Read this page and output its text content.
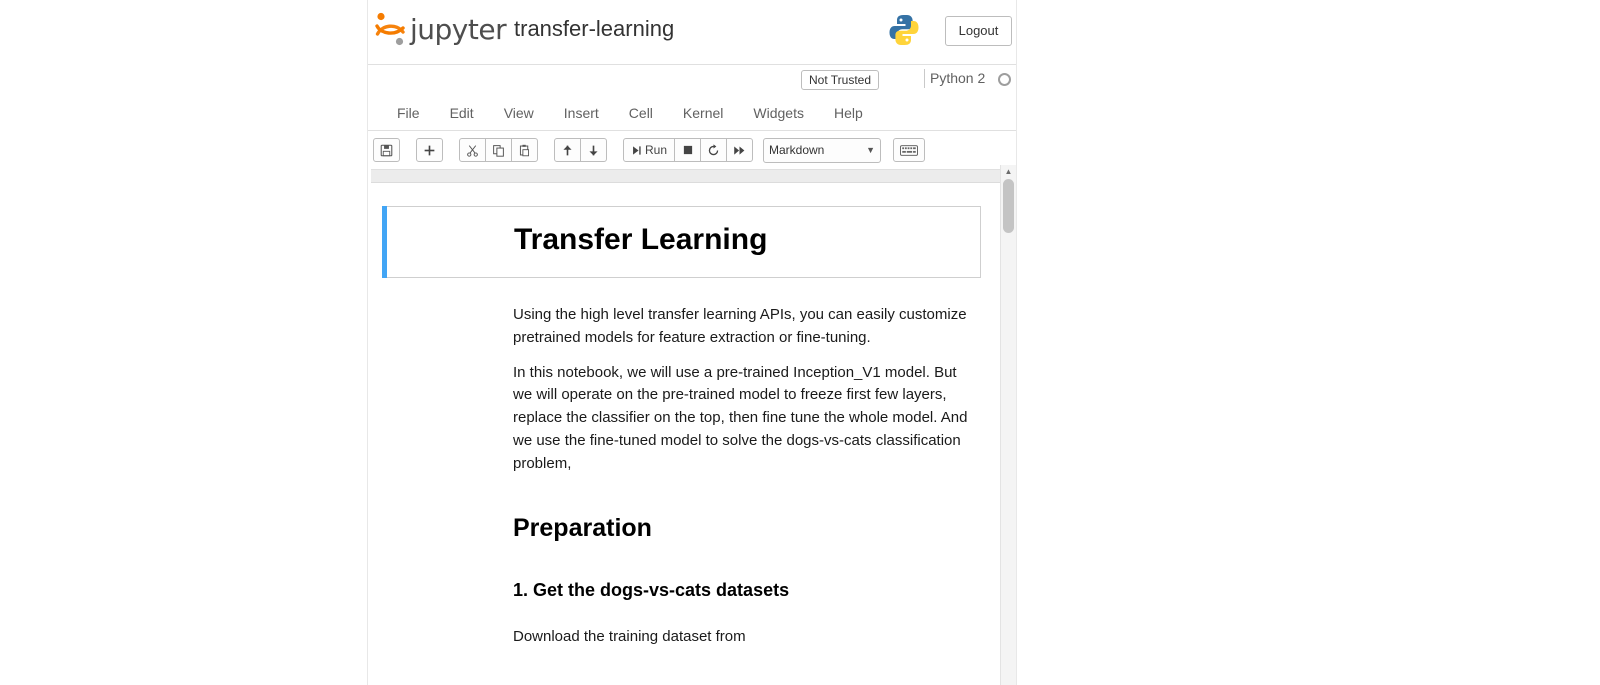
jupyter transfer-learning	Logout
Not Trusted	Python 2
File	Edit	View	Insert	Cell	Kernel	Widgets	Help
Run	Markdown	▼
Transfer Learning

Using the high level transfer learning APIs, you can easily customize pretrained models for feature extraction or fine-tuning.

In this notebook, we will use a pre-trained Inception_V1 model. But we will operate on the pre-trained model to freeze first few layers, replace the classifier on the top, then fine tune the whole model. And we use the fine-tuned model to solve the dogs-vs-cats classification problem,

Preparation
1. Get the dogs-vs-cats datasets

Download the training dataset from

▲
